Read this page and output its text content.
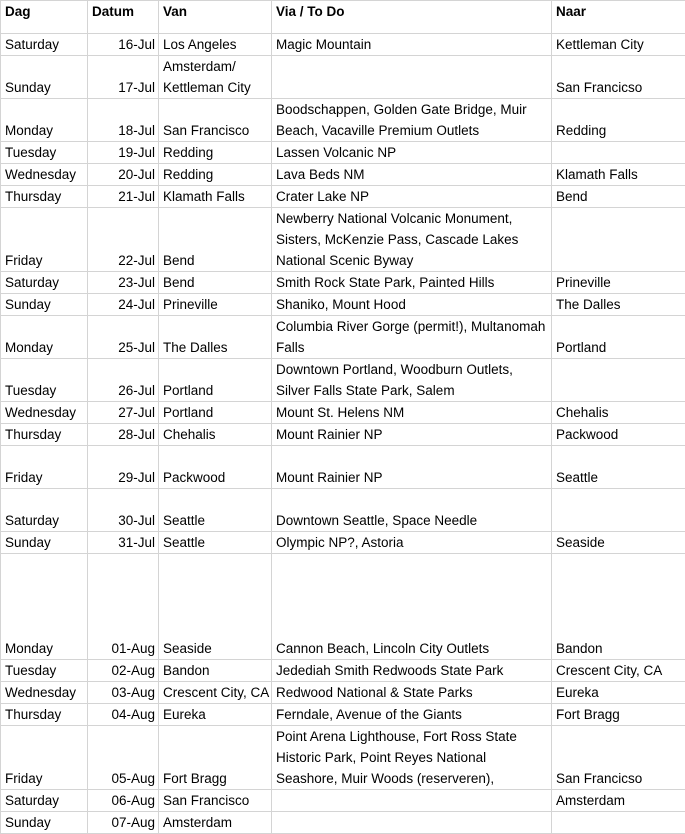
Dag	Datum	Van	Via / To Do	Naar
Saturday	16-Jul	Los Angeles	Magic Mountain	Kettleman City
Sunday	17-Jul	Amsterdam/ Kettleman City		San Francicso
Monday	18-Jul	San Francisco	Boodschappen, Golden Gate Bridge, Muir Beach, Vacaville Premium Outlets	Redding
Tuesday	19-Jul	Redding	Lassen Volcanic NP	
Wednesday	20-Jul	Redding	Lava Beds NM	Klamath Falls
Thursday	21-Jul	Klamath Falls	Crater Lake NP	Bend
Friday	22-Jul	Bend	Newberry National Volcanic Monument, Sisters, McKenzie Pass, Cascade Lakes National Scenic Byway	
Saturday	23-Jul	Bend	Smith Rock State Park, Painted Hills	Prineville
Sunday	24-Jul	Prineville	Shaniko, Mount Hood	The Dalles
Monday	25-Jul	The Dalles	Columbia River Gorge (permit!), Multanomah Falls	Portland
Tuesday	26-Jul	Portland	Downtown Portland, Woodburn Outlets, Silver Falls State Park, Salem	
Wednesday	27-Jul	Portland	Mount St. Helens NM	Chehalis
Thursday	28-Jul	Chehalis	Mount Rainier NP	Packwood
Friday	29-Jul	Packwood	Mount Rainier NP	Seattle
Saturday	30-Jul	Seattle	Downtown Seattle, Space Needle	
Sunday	31-Jul	Seattle	Olympic NP?, Astoria	Seaside
Monday	01-Aug	Seaside	Cannon Beach, Lincoln City Outlets	Bandon
Tuesday	02-Aug	Bandon	Jedediah Smith Redwoods State Park	Crescent City, CA
Wednesday	03-Aug	Crescent City, CA	Redwood National & State Parks	Eureka
Thursday	04-Aug	Eureka	Ferndale, Avenue of the Giants	Fort Bragg
Friday	05-Aug	Fort Bragg	Point Arena Lighthouse, Fort Ross State Historic Park, Point Reyes National Seashore, Muir Woods (reserveren),	San Francicso
Saturday	06-Aug	San Francisco		Amsterdam
Sunday	07-Aug	Amsterdam		
